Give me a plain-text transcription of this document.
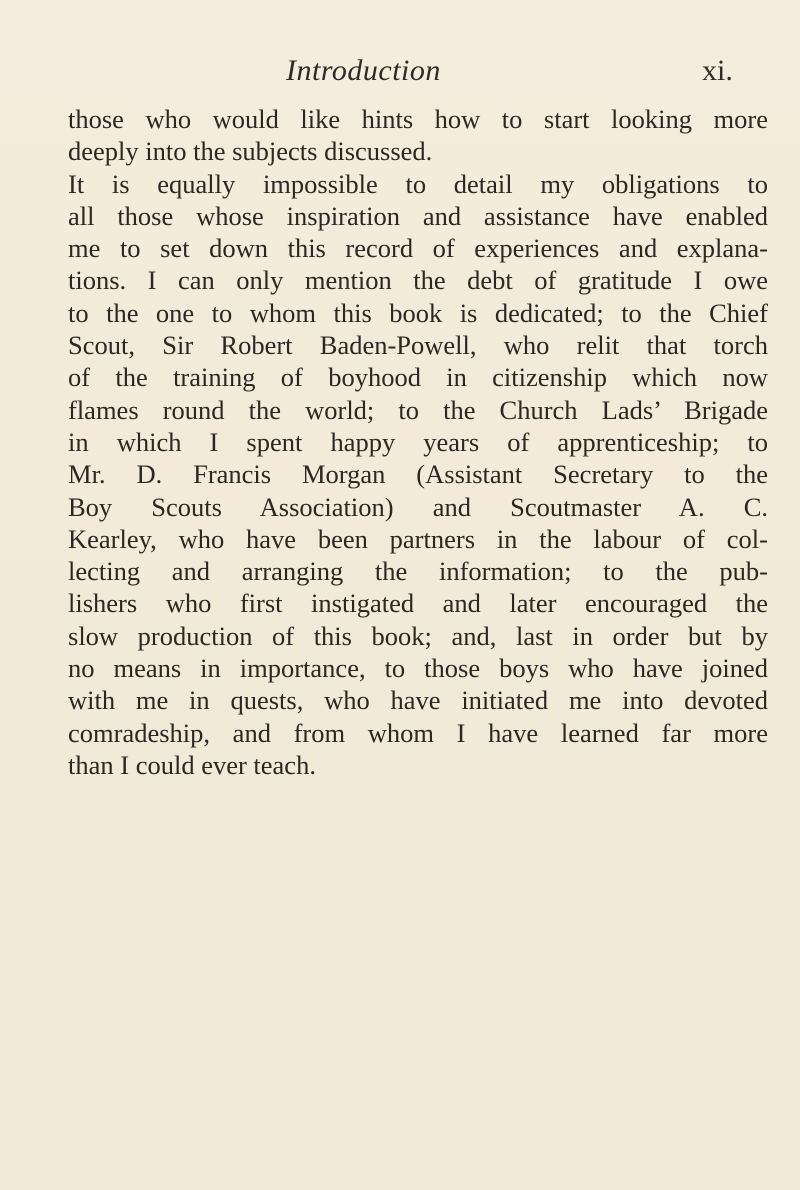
Introduction	xi.
those who would like hints how to start looking more
deeply into the subjects discussed.
It is equally impossible to detail my obligations to
all those whose inspiration and assistance have enabled
me to set down this record of experiences and explana-
tions. I can only mention the debt of gratitude I owe
to the one to whom this book is dedicated; to the Chief
Scout, Sir Robert Baden-Powell, who relit that torch
of the training of boyhood in citizenship which now
flames round the world; to the Church Lads’ Brigade
in which I spent happy years of apprenticeship; to
Mr. D. Francis Morgan (Assistant Secretary to the
Boy Scouts Association) and Scoutmaster A. C.
Kearley, who have been partners in the labour of col-
lecting and arranging the information; to the pub-
lishers who first instigated and later encouraged the
slow production of this book; and, last in order but by
no means in importance, to those boys who have joined
with me in quests, who have initiated me into devoted
comradeship, and from whom I have learned far more
than I could ever teach.
